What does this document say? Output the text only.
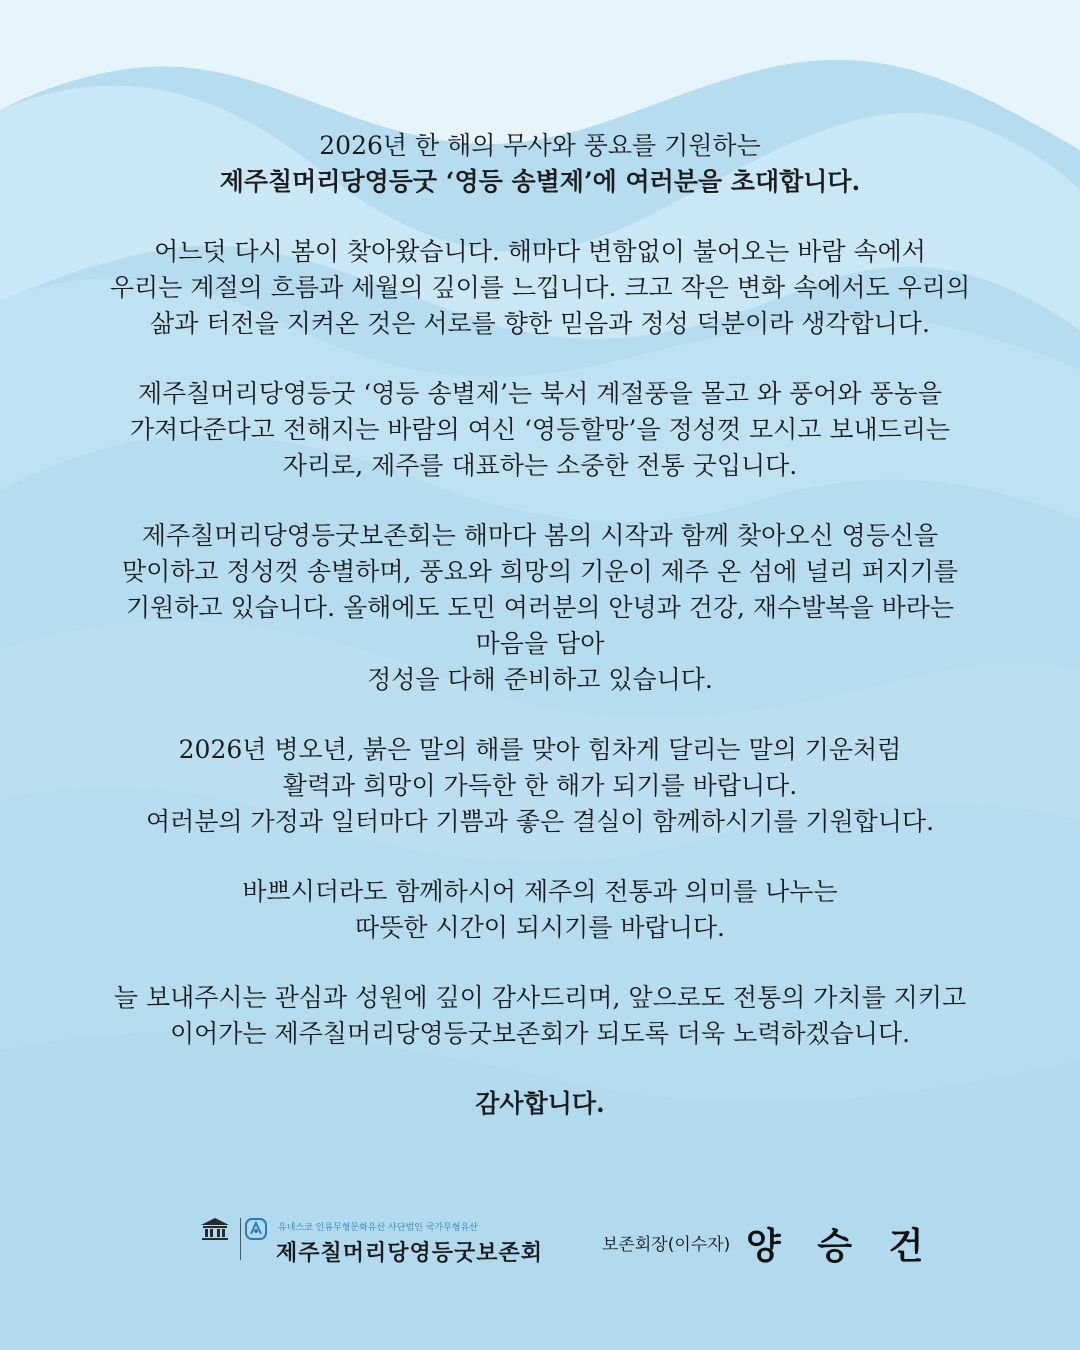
2026년 한 해의 무사와 풍요를 기원하는
제주칠머리당영등굿 ‘영등 송별제’에 여러분을 초대합니다.
어느덧 다시 봄이 찾아왔습니다. 해마다 변함없이 불어오는 바람 속에서
우리는 계절의 흐름과 세월의 깊이를 느낍니다. 크고 작은 변화 속에서도 우리의
삶과 터전을 지켜온 것은 서로를 향한 믿음과 정성 덕분이라 생각합니다.
제주칠머리당영등굿 ‘영등 송별제’는 북서 계절풍을 몰고 와 풍어와 풍농을
가져다준다고 전해지는 바람의 여신 ‘영등할망’을 정성껏 모시고 보내드리는
자리로, 제주를 대표하는 소중한 전통 굿입니다.
제주칠머리당영등굿보존회는 해마다 봄의 시작과 함께 찾아오신 영등신을
맞이하고 정성껏 송별하며, 풍요와 희망의 기운이 제주 온 섬에 널리 퍼지기를
기원하고 있습니다. 올해에도 도민 여러분의 안녕과 건강, 재수발복을 바라는
마음을 담아
정성을 다해 준비하고 있습니다.
2026년 병오년, 붉은 말의 해를 맞아 힘차게 달리는 말의 기운처럼
활력과 희망이 가득한 한 해가 되기를 바랍니다.
여러분의 가정과 일터마다 기쁨과 좋은 결실이 함께하시기를 기원합니다.
바쁘시더라도 함께하시어 제주의 전통과 의미를 나누는
따뜻한 시간이 되시기를 바랍니다.
늘 보내주시는 관심과 성원에 깊이 감사드리며, 앞으로도 전통의 가치를 지키고
이어가는 제주칠머리당영등굿보존회가 되도록 더욱 노력하겠습니다.
감사합니다.
유네스코 인류무형문화유산 사단법인 국가무형유산
제주칠머리당영등굿보존회	보존회장(이수자) 양 승 건
